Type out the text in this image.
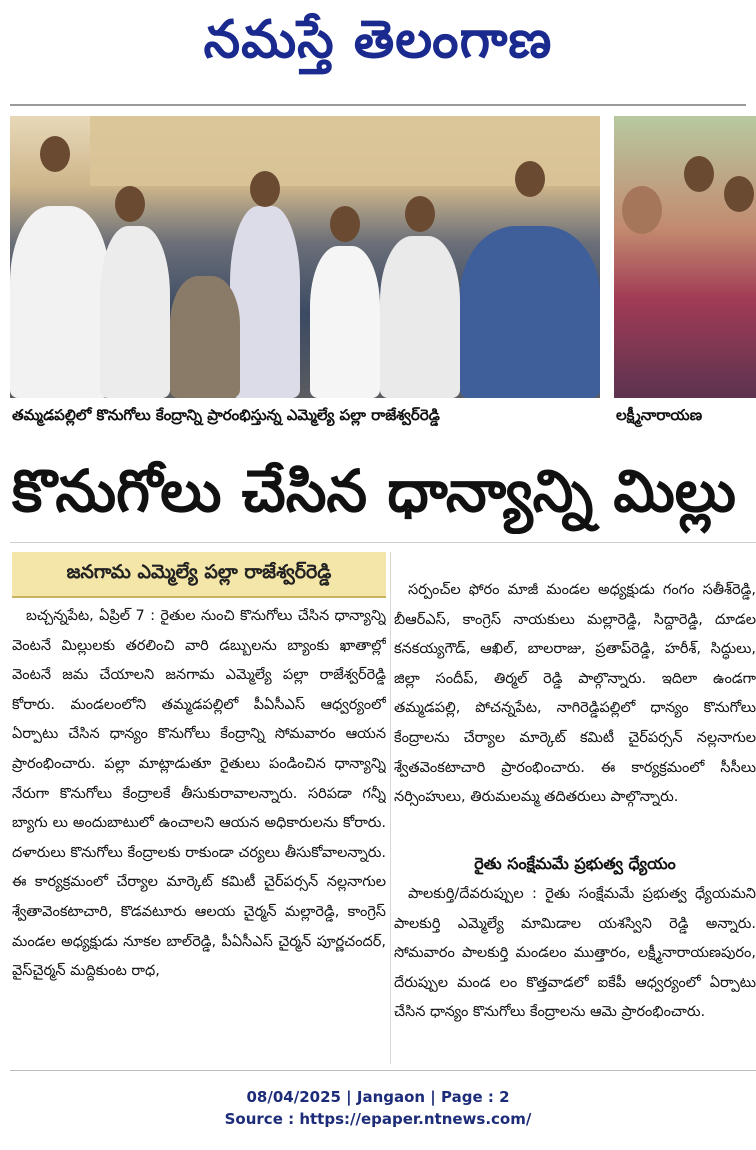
నమస్తే తెలంగాణ
తమ్మడపల్లిలో కొనుగోలు కేంద్రాన్ని ప్రారంభిస్తున్న ఎమ్మెల్యే పల్లా రాజేశ్వర్‌రెడ్డి	లక్ష్మీనారాయణ
కొనుగోలు చేసిన ధాన్యాన్ని మిల్లు
జనగామ ఎమ్మెల్యే పల్లా రాజేశ్వర్‌రెడ్డి

బచ్చన్నపేట, ఏప్రిల్ 7 : రైతుల నుంచి కొనుగోలు చేసిన ధాన్యాన్ని వెంటనే మిల్లులకు తరలించి వారి డబ్బులను బ్యాంకు ఖాతాల్లో వెంటనే జమ చేయాలని జనగామ ఎమ్మెల్యే పల్లా రాజేశ్వర్‌రెడ్డి కోరారు. మండలంలోని తమ్మడపల్లిలో పీఏసీఎస్ ఆధ్వర్యంలో ఏర్పాటు చేసిన ధాన్యం కొనుగోలు కేంద్రాన్ని సోమవారం ఆయన ప్రారంభించారు. పల్లా మాట్లాడుతూ రైతులు పండించిన ధాన్యాన్ని నేరుగా కొనుగోలు కేంద్రాలకే తీసుకురావాలన్నారు. సరిపడా గన్నీ బ్యాగు లు అందుబాటులో ఉంచాలని ఆయన అధికారులను కోరారు. దళారులు కొనుగోలు కేంద్రాలకు రాకుండా చర్యలు తీసుకోవాలన్నారు. ఈ కార్యక్రమంలో చేర్యాల మార్కెట్ కమిటీ చైర్‌పర్సన్ నల్లనాగుల శ్వేతావెంకటాచారి, కొడవటూరు ఆలయ చైర్మన్ మల్లారెడ్డి, కాంగ్రెస్ మండల అధ్యక్షుడు నూకల బాల్‌రెడ్డి, పీఏసీఎస్ చైర్మన్ పూర్ణచందర్, వైస్‌చైర్మన్ మద్దికుంట రాధ,

సర్పంచ్‌ల ఫోరం మాజీ మండల అధ్యక్షుడు గంగం సతీశ్‌రెడ్డి, బీఆర్‌ఎస్, కాంగ్రెస్ నాయకులు మల్లారెడ్డి, సిద్దారెడ్డి, దూడల కనకయ్యగౌడ్, ఆఖిల్, బాలరాజు, ప్రతాప్‌రెడ్డి, హరీశ్, సిద్ధులు, జిల్లా సందీప్, తిర్మల్ రెడ్డి పాల్గొన్నారు. ఇదిలా ఉండగా తమ్మడపల్లి, పోచన్నపేట, నాగిరెడ్డిపల్లిలో ధాన్యం కొనుగోలు కేంద్రాలను చేర్యాల మార్కెట్ కమిటీ చైర్‌పర్సన్ నల్లనాగుల శ్వేతవెంకటాచారి ప్రారంభించారు. ఈ కార్యక్రమంలో సీసీలు నర్సింహులు, తిరుమలమ్మ తదితరులు పాల్గొన్నారు.

రైతు సంక్షేమమే ప్రభుత్వ ధ్యేయం

పాలకుర్తి/దేవరుప్పుల : రైతు సంక్షేమమే ప్రభుత్వ ధ్యేయమని పాలకుర్తి ఎమ్మెల్యే మామిడాల యశస్విని రెడ్డి అన్నారు. సోమవారం పాలకుర్తి మండలం ముత్తారం, లక్ష్మీనారాయణపురం, దేరుప్పుల మండ లం కొత్తవాడలో ఐకేపీ ఆధ్వర్యంలో ఏర్పాటు చేసిన ధాన్యం కొనుగోలు కేంద్రాలను ఆమె ప్రారంభించారు.

08/04/2025 | Jangaon | Page : 2
Source : https://epaper.ntnews.com/
